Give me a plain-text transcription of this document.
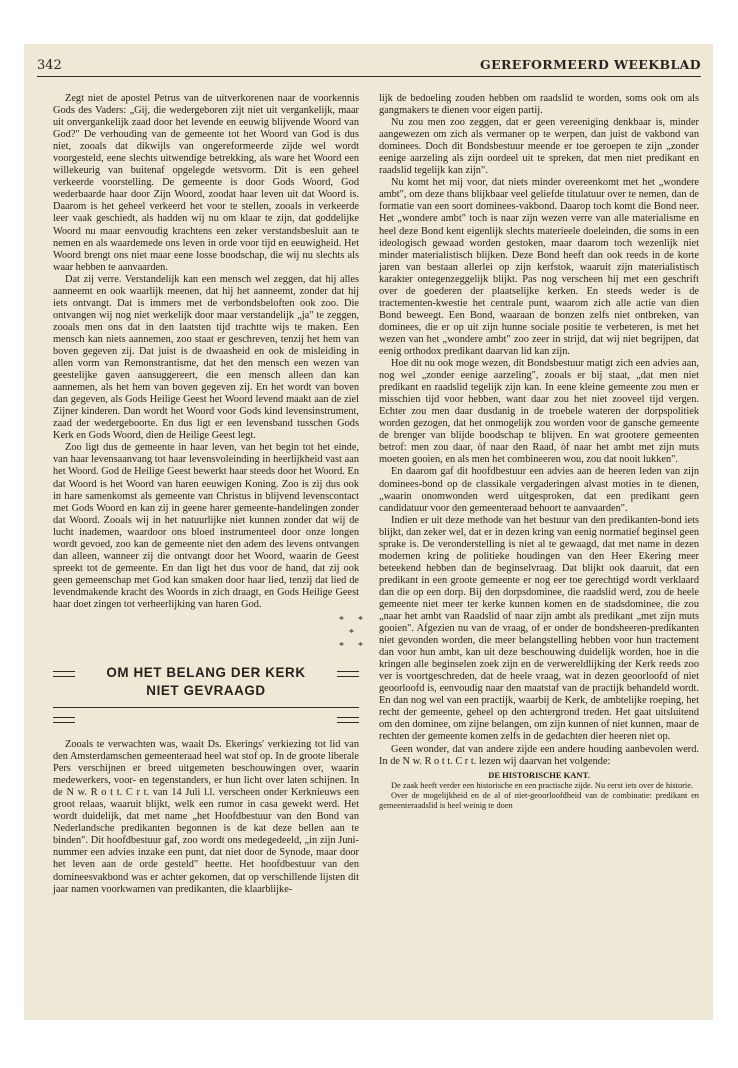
342	GEREFORMEERD WEEKBLAD

Zegt niet de apostel Petrus van de uitverkorenen naar de voorkennis Gods des Vaders: „Gij, die wedergeboren zijt niet uit vergankelijk, maar uit onvergankelijk zaad door het levende en eeuwig blijvende Woord van God?" De verhouding van de gemeente tot het Woord van God is dus niet, zooals dat dikwijls van ongereformeerde zijde wel wordt voorgesteld, eene slechts uitwendige betrekking, als ware het Woord een willekeurig van buitenaf opgelegde wetsvorm. Dit is een geheel verkeerde voorstelling. De gemeente is door Gods Woord, God wederbaarde haar door Zijn Woord, zoodat haar leven uit dat Woord is. Daarom is het geheel verkeerd het voor te stellen, zooals in verkeerde leer vaak geschiedt, als hadden wij nu om klaar te zijn, dat goddelijke Woord nu maar eenvoudig krachtens een zeker verstandsbesluit aan te nemen en als waardemede ons leven in orde voor tijd en eeuwigheid. Het Woord brengt ons niet maar eene losse boodschap, die wij nu slechts als waar hebben te aanvaarden.

Dat zij verre. Verstandelijk kan een mensch wel zeggen, dat hij alles aanneemt en ook waarlijk meenen, dat hij het aanneemt, zonder dat hij iets ontvangt. Dat is immers met de verbondsbeloften ook zoo. Die ontvangen wij nog niet werkelijk door maar verstandelijk „ja" te zeggen, zooals men ons dat in den laatsten tijd trachtte wijs te maken. Een mensch kan niets aannemen, zoo staat er geschreven, tenzij het hem van boven gegeven zij. Dat juist is de dwaasheid en ook de misleiding in allen vorm van Remonstrantisme, dat het den mensch een wezen van geestelijke gaven aansuggereert, die een mensch alleen dan kan aannemen, als het hem van boven gegeven zij. En het wordt van boven dan gegeven, als Gods Heilige Geest het Woord levend maakt aan de ziel Zijner kinderen. Dan wordt het Woord voor Gods kind levensinstrument, zaad der wedergeboorte. En dus ligt er een levensband tusschen Gods Kerk en Gods Woord, dien de Heilige Geest legt.

Zoo ligt dus de gemeente in haar leven, van het begin tot het einde, van haar levensaanvang tot haar levensvoleinding in heerlijkheid vast aan het Woord. God de Heilige Geest bewerkt haar steeds door het Woord. En dat Woord is het Woord van haren eeuwigen Koning. Zoo is zij dus ook in hare samenkomst als gemeente van Christus in blijvend levenscontact met Gods Woord en kan zij in geene harer gemeente-handelingen zonder dat Woord. Zooals wij in het natuurlijke niet kunnen zonder dat wij de lucht inademen, waardoor ons bloed instrumenteel door onze longen wordt gevoed, zoo kan de gemeente niet den adem des levens ontvangen dan alleen, wanneer zij die ontvangt door het Woord, waarin de Geest spreekt tot de gemeente. En dan ligt het dus voor de hand, dat zij ook geen gemeenschap met God kan smaken door haar lied, tenzij dat lied de levendmakende kracht des Woords in zich draagt, en Gods Heilige Geest haar doet zingen tot verheerlijking van haren God.

* *
*
* *
OM HET BELANG DER KERK
NIET GEVRAAGD

Zooals te verwachten was, waait Ds. Ekerings' verkiezing tot lid van den Amsterdamschen gemeenteraad heel wat stof op. In de groote liberale Pers verschijnen er breed uitgemeten beschouwingen over, waarin medewerkers, voor- en tegenstanders, er hun licht over laten schijnen. In de N w. R o t t. C r t. van 14 Juli l.l. verscheen onder Kerknieuws een groot relaas, waaruit blijkt, welk een rumor in casa gewekt werd. Het wordt duidelijk, dat met name „het Hoofdbestuur van den Bond van Nederlandsche predikanten begonnen is de kat deze bellen aan te binden". Dit hoofdbestuur gaf, zoo wordt ons medegedeeld, „in zijn Juni-nummer een advies inzake een punt, dat niet door de Synode, maar door het leven aan de orde gesteld" heette. Het hoofdbestuur van den domineesvakbond was er achter gekomen, dat op verschillende lijsten dit jaar namen voorkwamen van predikanten, die klaarblijke-

lijk de bedoeling zouden hebben om raadslid te worden, soms ook om als gangmakers te dienen voor eigen partij.

Nu zou men zoo zeggen, dat er geen vereeniging denkbaar is, minder aangewezen om zich als vermaner op te werpen, dan juist de vakbond van dominees. Doch dit Bondsbestuur meende er toe geroepen te zijn „zonder eenige aarzeling als zijn oordeel uit te spreken, dat men niet predikant en raadslid tegelijk kan zijn".

Nu komt het mij voor, dat niets minder overeenkomt met het „wondere ambt", om deze thans blijkbaar veel geliefde titulatuur over te nemen, dan de formatie van een soort dominees-vakbond. Daarop toch komt die Bond neer. Het „wondere ambt" toch is naar zijn wezen verre van alle materialisme en heel deze Bond kent eigenlijk slechts materieele doeleinden, die soms in een ideologisch gewaad worden gestoken, maar daarom toch wezenlijk niet minder materialistisch blijken. Deze Bond heeft dan ook reeds in de korte jaren van bestaan allerlei op zijn kerfstok, waaruit zijn materialistisch karakter ontegenzeggelijk blijkt. Pas nog verscheen hij met een geschrift over de goederen der plaatselijke kerken. En steeds weder is de tractementen-kwestie het centrale punt, waarom zich alle actie van dien Bond beweegt. Een Bond, waaraan de bonzen zelfs niet ontbreken, van dominees, die er op uit zijn hunne sociale positie te verbeteren, is met het wezen van het „wondere ambt" zoo zeer in strijd, dat wij niet begrijpen, dat eenig orthodox predikant daarvan lid kan zijn.

Hoe dit nu ook moge wezen, dit Bondsbestuur matigt zich een advies aan, nog wel „zonder eenige aarzeling", zooals er bij staat, „dat men niet predikant en raadslid tegelijk zijn kan. In eene kleine gemeente zou men er misschien tijd voor hebben, want daar zou het niet zooveel tijd vergen. Echter zou men daar dusdanig in de troebele wateren der dorpspolitiek worden gezogen, dat het onmogelijk zou worden voor de gansche gemeente de brenger van blijde boodschap te blijven. En wat grootere gemeenten betrof: men zou daar, òf naar den Raad, òf naar het ambt met zijn muts moeten gooien, en als men het combineeren wou, zou dat nooit lukken".

En daarom gaf dit hoofdbestuur een advies aan de heeren leden van zijn dominees-bond op de classikale vergaderingen alvast moties in te dienen, „waarin onomwonden werd uitgesproken, dat een predikant geen candidatuur voor den gemeenteraad behoort te aanvaarden".

Indien er uit deze methode van het bestuur van den predikanten-bond iets blijkt, dan zeker wel, dat er in dezen kring van eenig normatief beginsel geen sprake is. De veronderstelling is niet al te gewaagd, dat met name in dezen modernen kring de politieke houdingen van den Heer Ekering meer beteekend hebben dan de beginselvraag. Dat blijkt ook daaruit, dat een predikant in een groote gemeente er nog eer toe gerechtigd wordt verklaard dan die op een dorp. Bij den dorpsdominee, die raadslid werd, zou de heele gemeente niet meer ter kerke kunnen komen en de stadsdominee, die zou „naar het ambt van Raadslid of naar zijn ambt als predikant „met zijn muts gooien". Afgezien nu van de vraag, of er onder de bondsheeren-predikanten niet gevonden worden, die meer belangstelling hebben voor hun tractement dan voor hun ambt, kan uit deze beschouwing duidelijk worden, hoe in die kringen alle beginselen zoek zijn en de verwereldlijking der Kerk reeds zoo ver is voortgeschreden, dat de heele vraag, wat in dezen geoorloofd of niet geoorloofd is, eenvoudig naar den maatstaf van de practijk behandeld wordt. En dan nog wel van een practijk, waarbij de Kerk, de ambtelijke roeping, het recht der gemeente, geheel op den achtergrond treden. Het gaat uitsluitend om den dominee, om zijne belangen, om zijn kunnen of niet kunnen, maar de rechten der gemeente komen zelfs in de gedachten dier heeren niet op.

Geen wonder, dat van andere zijde een andere houding aanbevolen werd. In de N w. R o t t. C r t. lezen wij daarvan het volgende:

DE HISTORISCHE KANT.

De zaak heeft verder een historische en een practische zijde. Nu eerst iets over de historie.

Over de mogelijkheid en de al of niet-geoorloofdheid van de combinatie: predikant en gemeenteraadslid is heel weinig te doen
